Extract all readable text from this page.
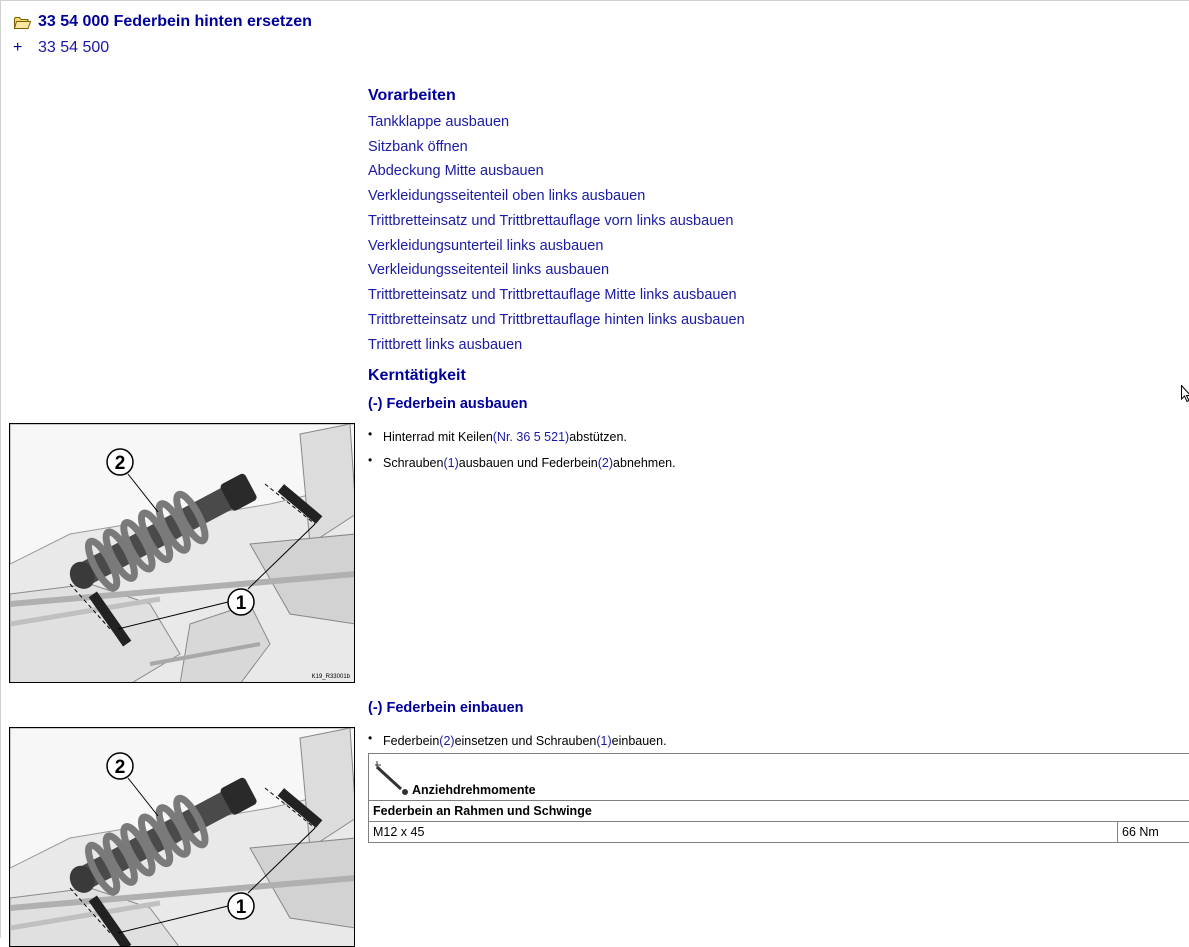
33 54 000 Federbein hinten ersetzen
+ 33 54 500
Vorarbeiten
Tankklappe ausbauen
Sitzbank öffnen
Abdeckung Mitte ausbauen
Verkleidungsseitenteil oben links ausbauen
Trittbretteinsatz und Trittbrettauflage vorn links ausbauen
Verkleidungsunterteil links ausbauen
Verkleidungsseitenteil links ausbauen
Trittbretteinsatz und Trittbrettauflage Mitte links ausbauen
Trittbretteinsatz und Trittbrettauflage hinten links ausbauen
Trittbrett links ausbauen
Kerntätigkeit
(-) Federbein ausbauen
• Hinterrad mit Keilen (Nr. 36 5 521) abstützen.
• Schrauben (1) ausbauen und Federbein (2) abnehmen.
2
1
K19_R33001b
(-) Federbein einbauen
• Federbein (2) einsetzen und Schrauben (1) einbauen.
2
1
Anziehdrehmomente

Federbein an Rahmen und Schwinge
M12 x 45	66 Nm
